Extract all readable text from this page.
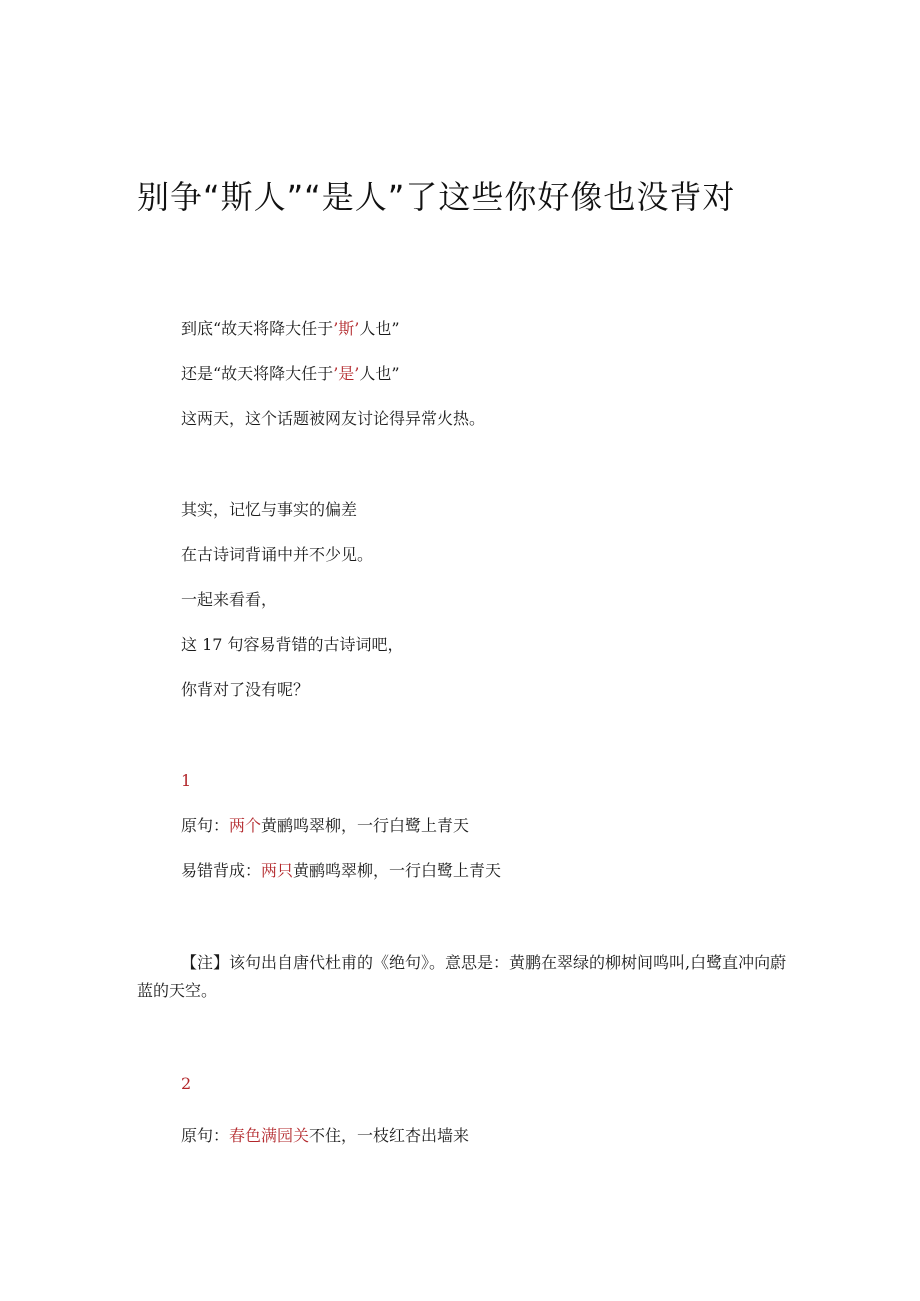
别争“斯人”“是人”了这些你好像也没背对

到底“故天将降大任于’斯’人也”

还是“故天将降大任于’是’人也”

这两天，这个话题被网友讨论得异常火热。

其实，记忆与事实的偏差

在古诗词背诵中并不少见。

一起来看看，

这 17 句容易背错的古诗词吧，

你背对了没有呢？

1

原句：两个黄鹂鸣翠柳，一行白鹭上青天

易错背成：两只黄鹂鸣翠柳，一行白鹭上青天

【注】该句出自唐代杜甫的《绝句》。意思是：黄鹏在翠绿的柳树间鸣叫,白鹭直冲向蔚蓝的天空。

2

原句：春色满园关不住，一枝红杏出墙来
